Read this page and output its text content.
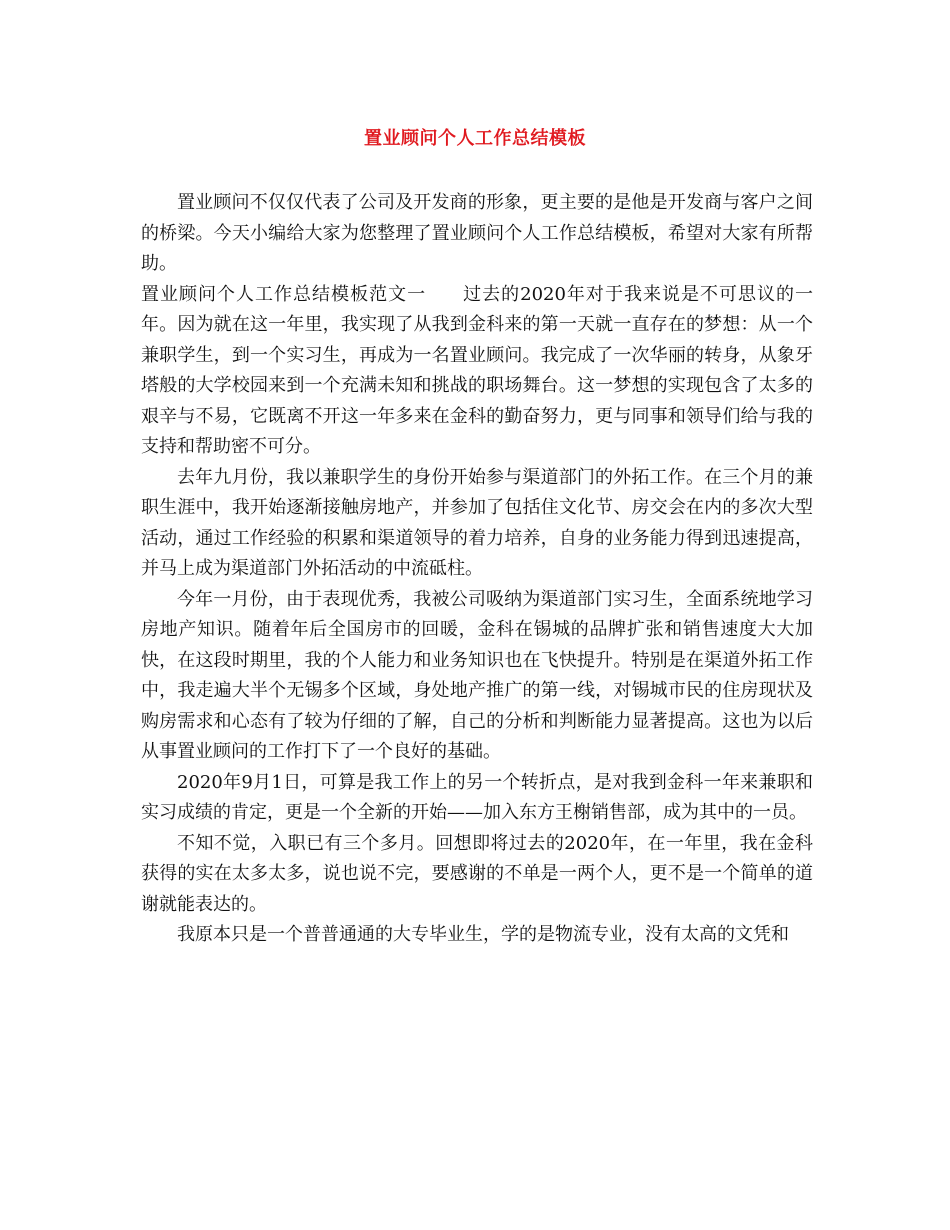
置业顾问个人工作总结模板

置业顾问不仅仅代表了公司及开发商的形象，更主要的是他是开发商与客户之间的桥梁。今天小编给大家为您整理了置业顾问个人工作总结模板，希望对大家有所帮助。

置业顾问个人工作总结模板范文一 过去的2020年对于我来说是不可思议的一年。因为就在这一年里，我实现了从我到金科来的第一天就一直存在的梦想：从一个兼职学生，到一个实习生，再成为一名置业顾问。我完成了一次华丽的转身，从象牙塔般的大学校园来到一个充满未知和挑战的职场舞台。这一梦想的实现包含了太多的艰辛与不易，它既离不开这一年多来在金科的勤奋努力，更与同事和领导们给与我的支持和帮助密不可分。

去年九月份，我以兼职学生的身份开始参与渠道部门的外拓工作。在三个月的兼职生涯中，我开始逐渐接触房地产，并参加了包括住文化节、房交会在内的多次大型活动，通过工作经验的积累和渠道领导的着力培养，自身的业务能力得到迅速提高，并马上成为渠道部门外拓活动的中流砥柱。

今年一月份，由于表现优秀，我被公司吸纳为渠道部门实习生，全面系统地学习房地产知识。随着年后全国房市的回暖，金科在锡城的品牌扩张和销售速度大大加快，在这段时期里，我的个人能力和业务知识也在飞快提升。特别是在渠道外拓工作中，我走遍大半个无锡多个区域，身处地产推广的第一线，对锡城市民的住房现状及购房需求和心态有了较为仔细的了解，自己的分析和判断能力显著提高。这也为以后从事置业顾问的工作打下了一个良好的基础。

2020年9月1日，可算是我工作上的另一个转折点，是对我到金科一年来兼职和实习成绩的肯定，更是一个全新的开始——加入东方王榭销售部，成为其中的一员。

不知不觉，入职已有三个多月。回想即将过去的2020年，在一年里，我在金科获得的实在太多太多，说也说不完，要感谢的不单是一两个人，更不是一个简单的道谢就能表达的。

我原本只是一个普普通通的大专毕业生，学的是物流专业，没有太高的文凭和
